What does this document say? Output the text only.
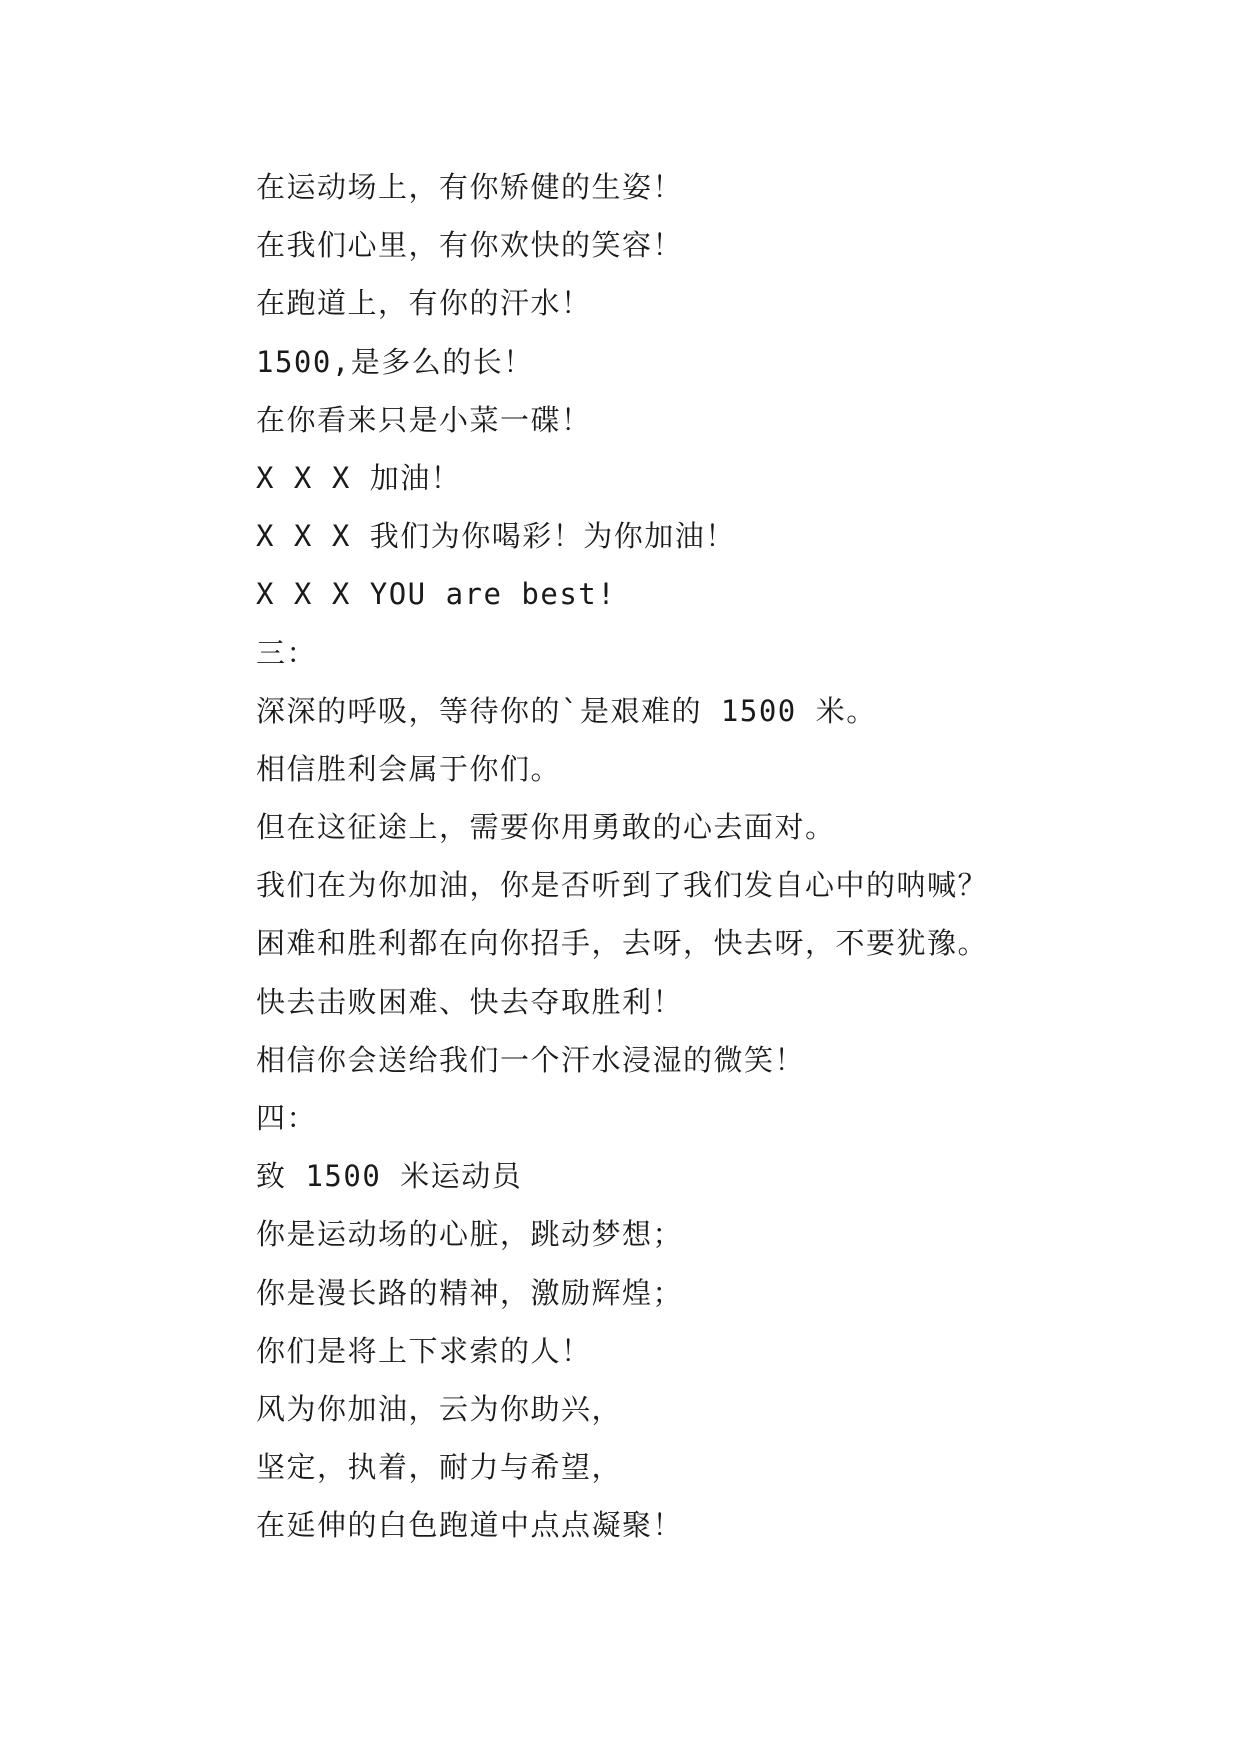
在运动场上，有你矫健的生姿！
在我们心里，有你欢快的笑容！
在跑道上，有你的汗水！
1500,是多么的长！
在你看来只是小菜一碟！
X X X 加油！
X X X 我们为你喝彩！为你加油！
X X X YOU are best!
三：
深深的呼吸，等待你的`是艰难的 1500 米。
相信胜利会属于你们。
但在这征途上，需要你用勇敢的心去面对。
我们在为你加油，你是否听到了我们发自心中的呐喊？
困难和胜利都在向你招手，去呀，快去呀，不要犹豫。
快去击败困难、快去夺取胜利！
相信你会送给我们一个汗水浸湿的微笑！
四：
致 1500 米运动员
你是运动场的心脏，跳动梦想；
你是漫长路的精神，激励辉煌；
你们是将上下求索的人！
风为你加油，云为你助兴，
坚定，执着，耐力与希望，
在延伸的白色跑道中点点凝聚！
